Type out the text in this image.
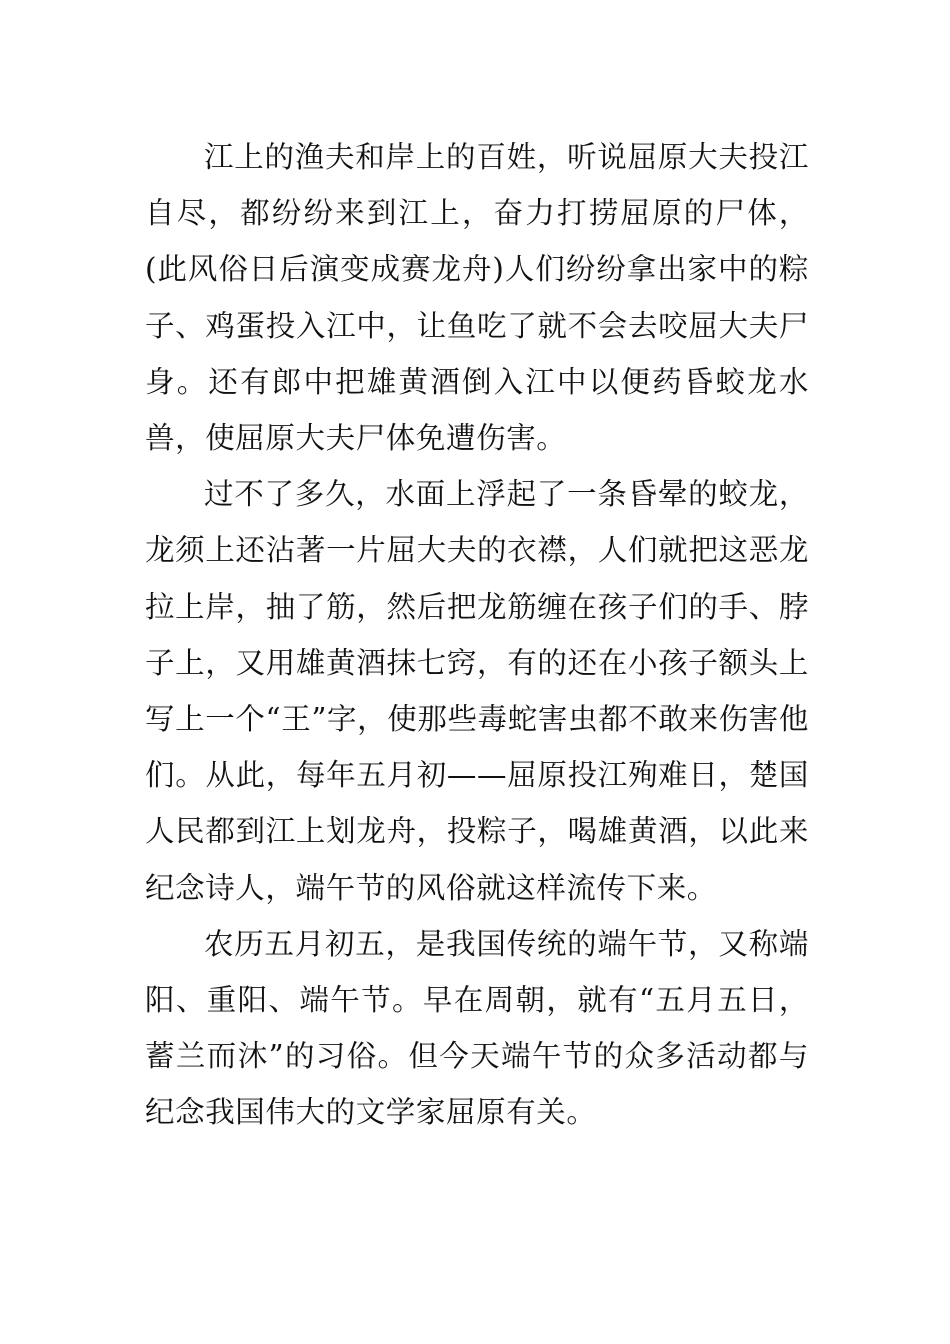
江上的渔夫和岸上的百姓，听说屈原大夫投江自尽，都纷纷来到江上，奋力打捞屈原的尸体，(此风俗日后演变成赛龙舟)人们纷纷拿出家中的粽子、鸡蛋投入江中，让鱼吃了就不会去咬屈大夫尸身。还有郎中把雄黄酒倒入江中以便药昏蛟龙水兽，使屈原大夫尸体免遭伤害。

过不了多久，水面上浮起了一条昏晕的蛟龙，龙须上还沾著一片屈大夫的衣襟，人们就把这恶龙拉上岸，抽了筋，然后把龙筋缠在孩子们的手、脖子上，又用雄黄酒抹七窍，有的还在小孩子额头上写上一个“王”字，使那些毒蛇害虫都不敢来伤害他们。从此，每年五月初——屈原投江殉难日，楚国人民都到江上划龙舟，投粽子，喝雄黄酒，以此来纪念诗人，端午节的风俗就这样流传下来。

农历五月初五，是我国传统的端午节，又称端阳、重阳、端午节。早在周朝，就有“五月五日，蓄兰而沐”的习俗。但今天端午节的众多活动都与纪念我国伟大的文学家屈原有关。
